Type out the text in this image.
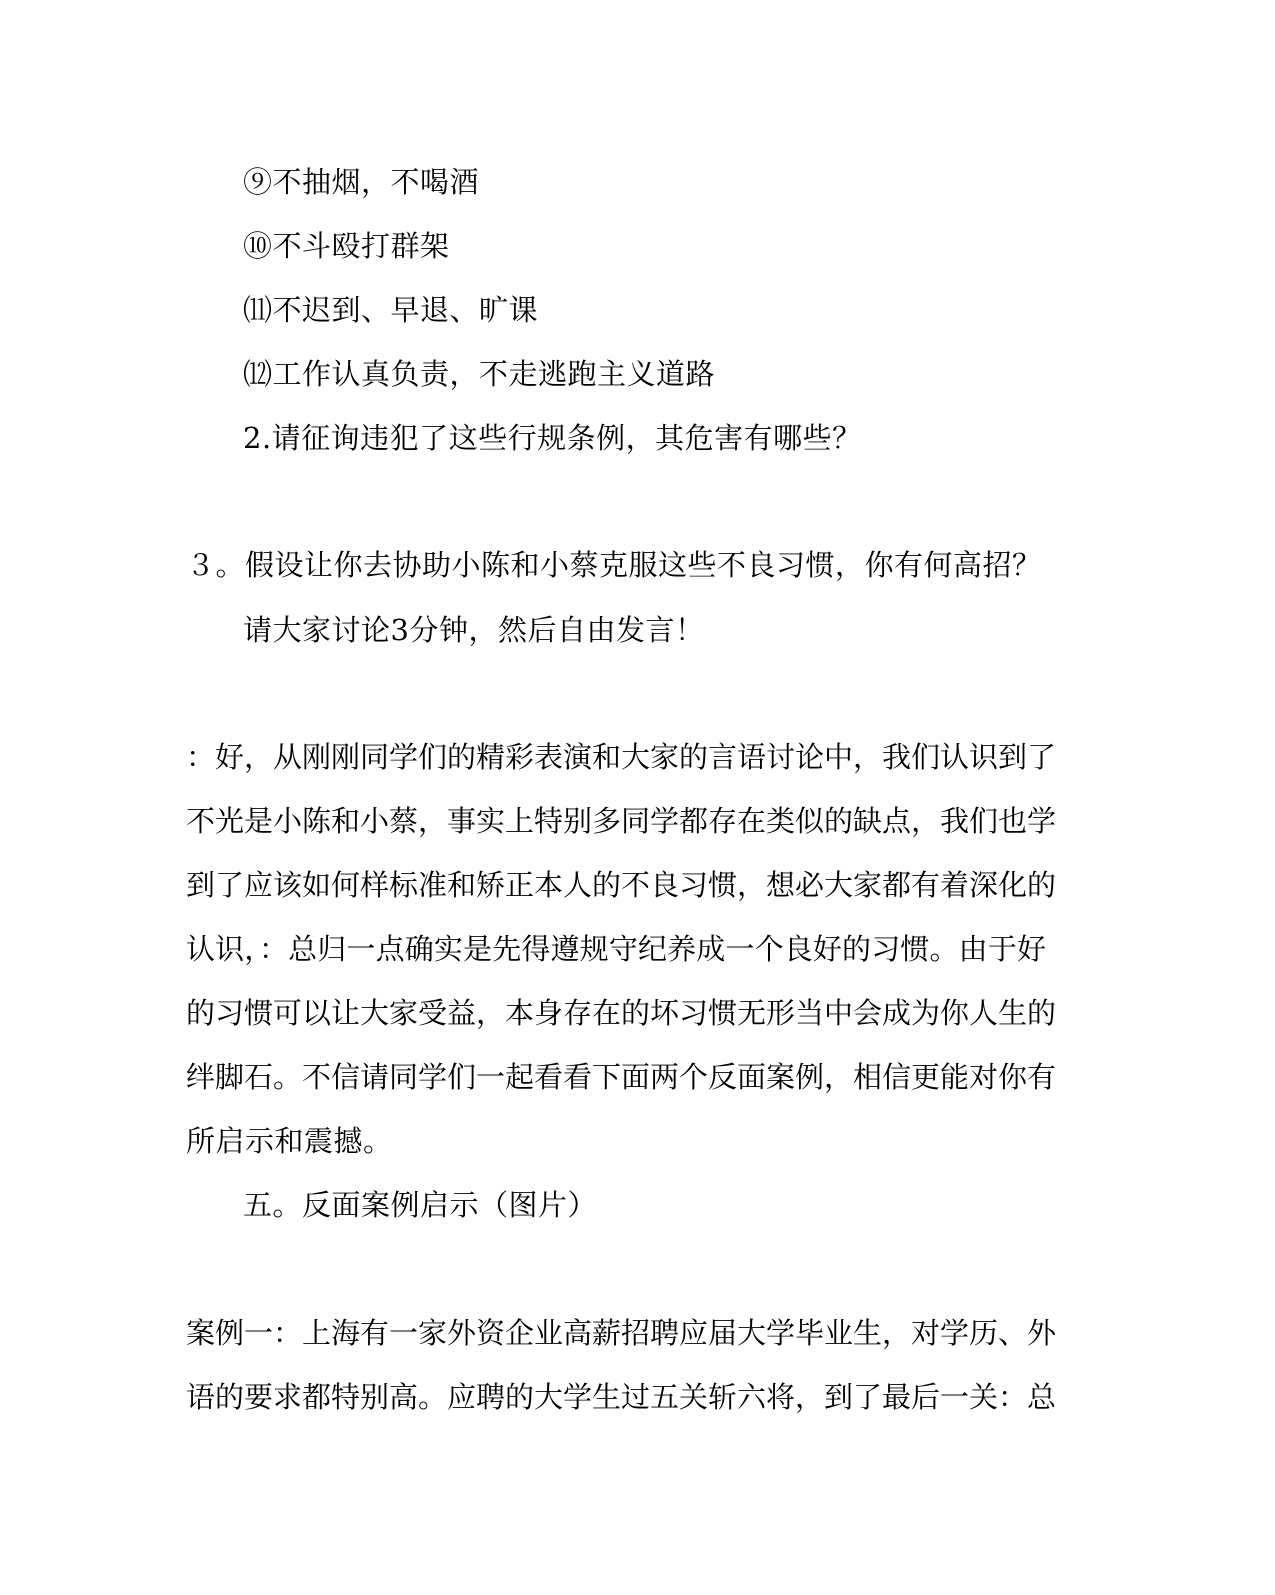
⑨不抽烟，不喝酒
⑩不斗殴打群架
⑾不迟到、早退、旷课
⑿工作认真负责，不走逃跑主义道路
2.请征询违犯了这些行规条例，其危害有哪些？
３。假设让你去协助小陈和小蔡克服这些不良习惯，你有何高招？
请大家讨论3分钟，然后自由发言！
：好，从刚刚同学们的精彩表演和大家的言语讨论中，我们认识到了
不光是小陈和小蔡，事实上特别多同学都存在类似的缺点，我们也学
到了应该如何样标准和矫正本人的不良习惯，想必大家都有着深化的
认识，：总归一点确实是先得遵规守纪养成一个良好的习惯。由于好
的习惯可以让大家受益，本身存在的坏习惯无形当中会成为你人生的
绊脚石。不信请同学们一起看看下面两个反面案例，相信更能对你有
所启示和震撼。
五。反面案例启示（图片）
案例一：上海有一家外资企业高薪招聘应届大学毕业生，对学历、外
语的要求都特别高。应聘的大学生过五关斩六将，到了最后一关：总
